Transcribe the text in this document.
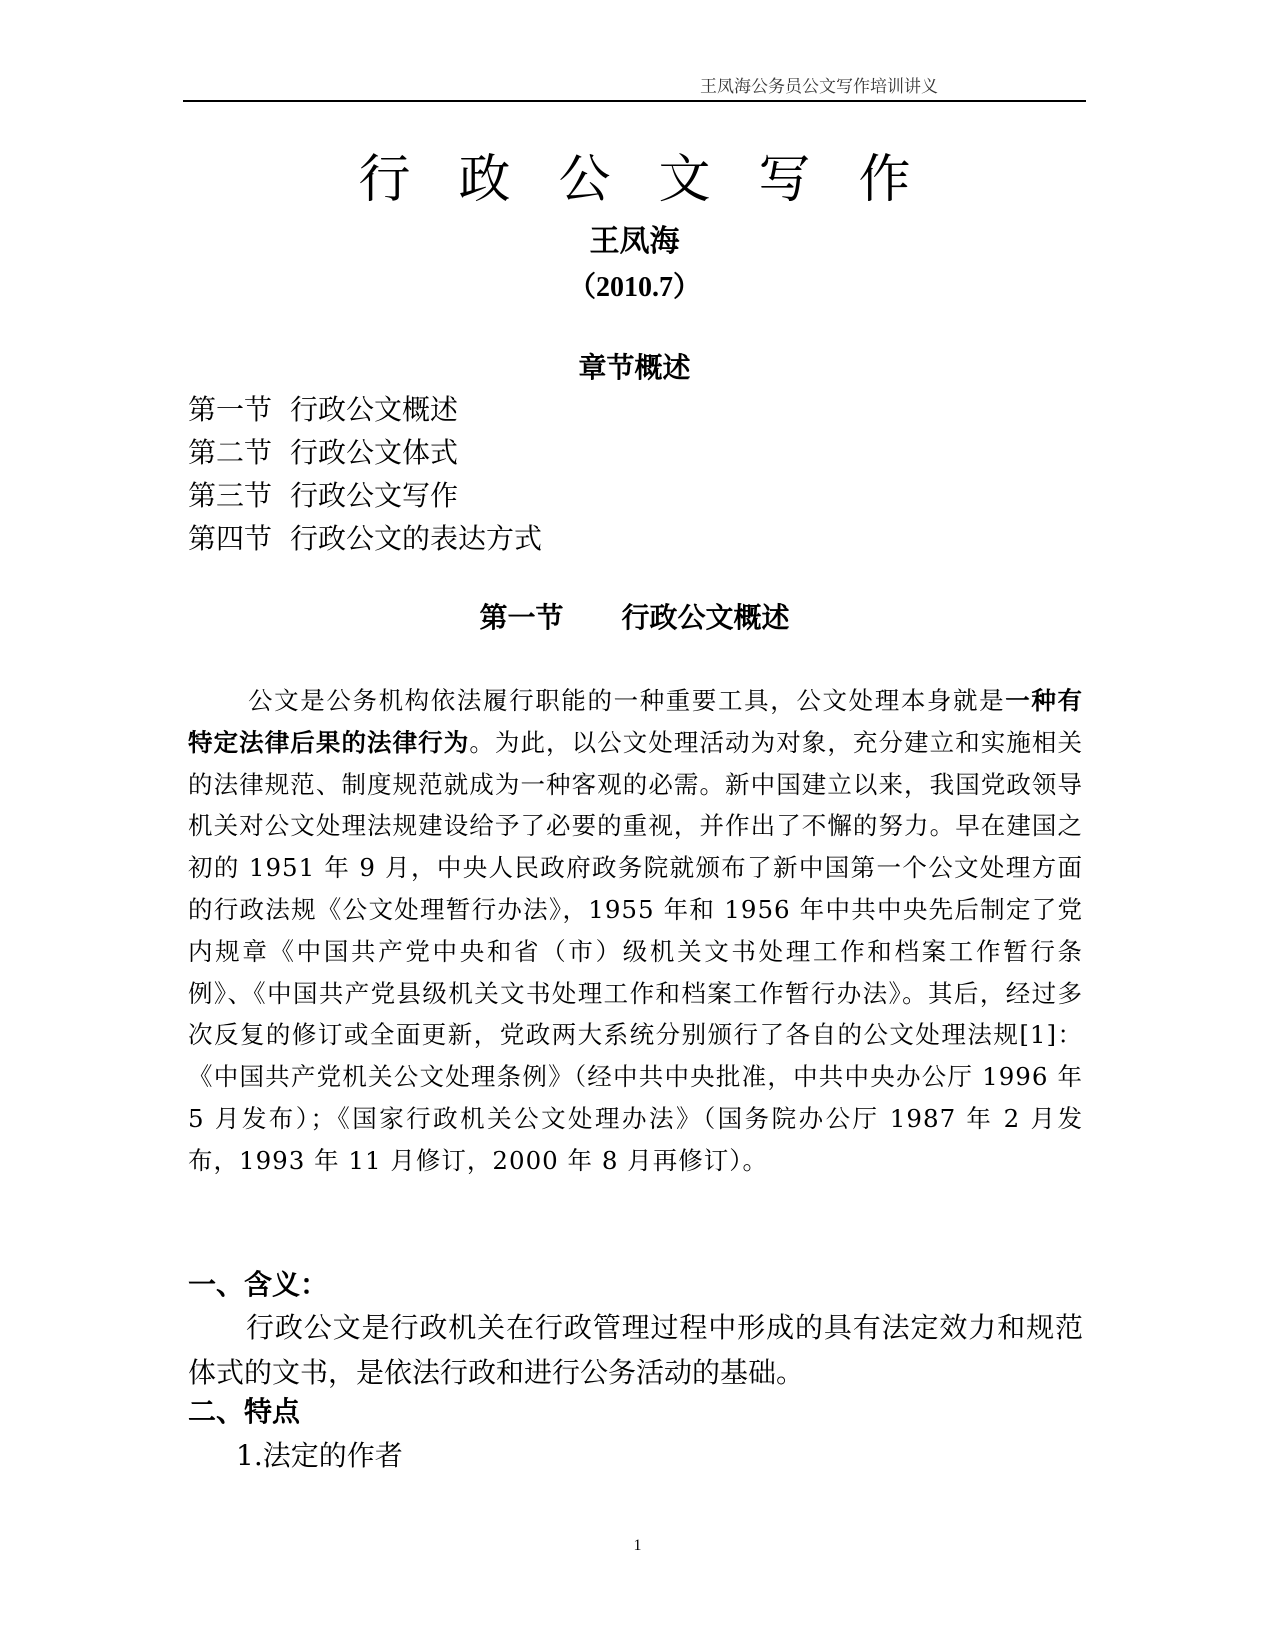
王凤海公务员公文写作培训讲义
行政公文写作
王凤海
（2010.7）
章节概述
第一节 行政公文概述
第二节 行政公文体式
第三节 行政公文写作
第四节 行政公文的表达方式
第一节 行政公文概述
公文是公务机构依法履行职能的一种重要工具，公文处理本身就是一种有特定法律后果的法律行为。为此，以公文处理活动为对象，充分建立和实施相关的法律规范、制度规范就成为一种客观的必需。新中国建立以来，我国党政领导机关对公文处理法规建设给予了必要的重视，并作出了不懈的努力。早在建国之初的 1951 年 9 月，中央人民政府政务院就颁布了新中国第一个公文处理方面的行政法规《公文处理暂行办法》，1955 年和 1956 年中共中央先后制定了党内规章《中国共产党中央和省（市）级机关文书处理工作和档案工作暂行条例》、《中国共产党县级机关文书处理工作和档案工作暂行办法》。其后，经过多次反复的修订或全面更新，党政两大系统分别颁行了各自的公文处理法规[1]：《中国共产党机关公文处理条例》（经中共中央批准，中共中央办公厅 1996 年 5 月发布）；《国家行政机关公文处理办法》（国务院办公厅 1987 年 2 月发布，1993 年 11 月修订，2000 年 8 月再修订）。
一、含义：
行政公文是行政机关在行政管理过程中形成的具有法定效力和规范体式的文书，是依法行政和进行公务活动的基础。
二、特点
1.法定的作者
1
